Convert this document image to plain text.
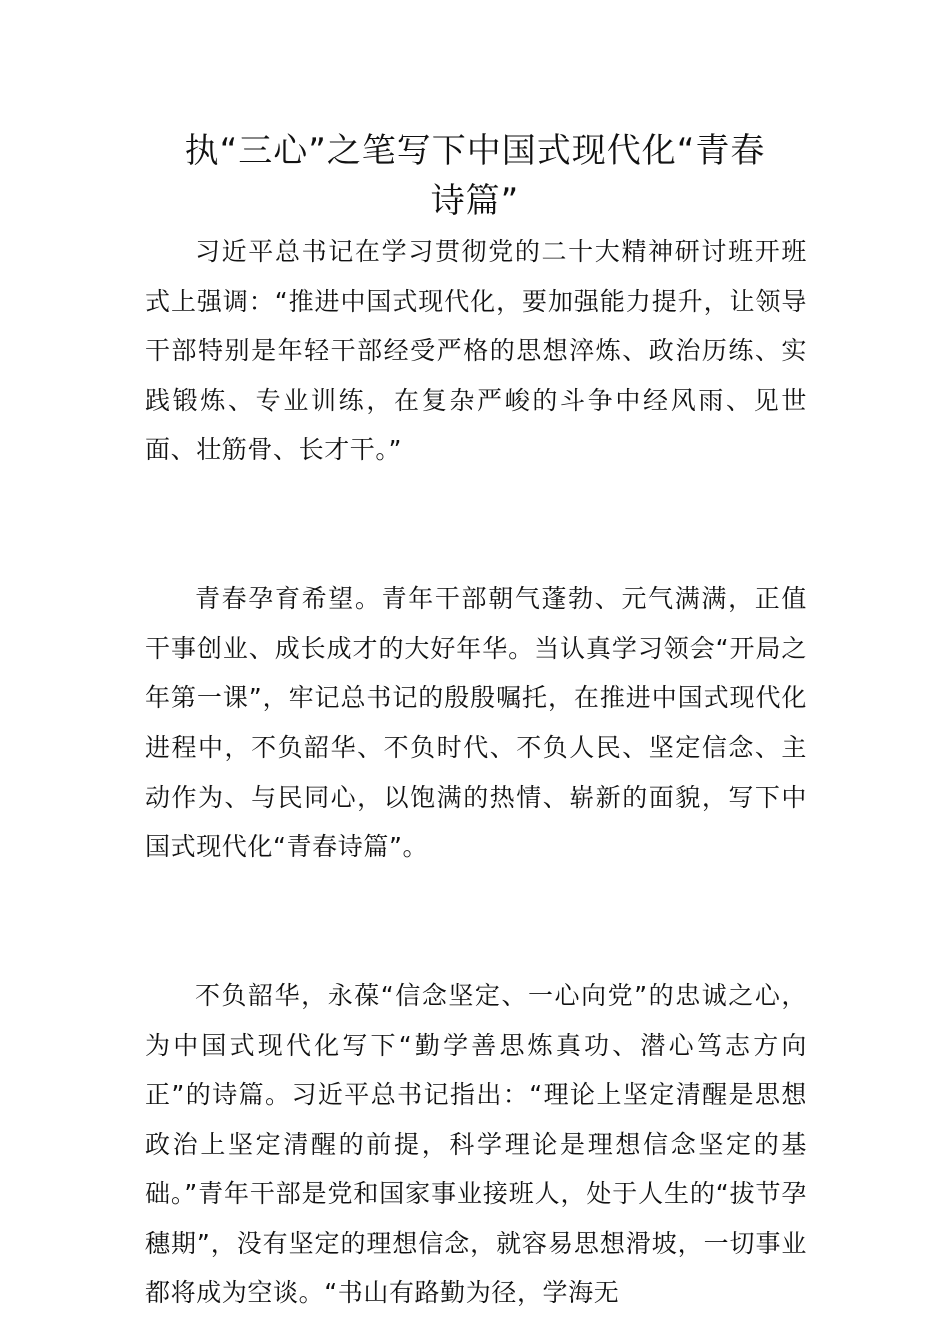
执“三心”之笔写下中国式现代化“青春
诗篇”

习近平总书记在学习贯彻党的二十大精神研讨班开班式上强调：“推进中国式现代化，要加强能力提升，让领导干部特别是年轻干部经受严格的思想淬炼、政治历练、实践锻炼、专业训练，在复杂严峻的斗争中经风雨、见世面、壮筋骨、长才干。”

青春孕育希望。青年干部朝气蓬勃、元气满满，正值干事创业、成长成才的大好年华。当认真学习领会“开局之年第一课”，牢记总书记的殷殷嘱托，在推进中国式现代化进程中，不负韶华、不负时代、不负人民、坚定信念、主动作为、与民同心，以饱满的热情、崭新的面貌，写下中国式现代化“青春诗篇”。

不负韶华，永葆“信念坚定、一心向党”的忠诚之心，为中国式现代化写下“勤学善思炼真功、潜心笃志方向正”的诗篇。习近平总书记指出：“理论上坚定清醒是思想政治上坚定清醒的前提，科学理论是理想信念坚定的基础。”青年干部是党和国家事业接班人，处于人生的“拔节孕穗期”，没有坚定的理想信念，就容易思想滑坡，一切事业都将成为空谈。“书山有路勤为径，学海无
